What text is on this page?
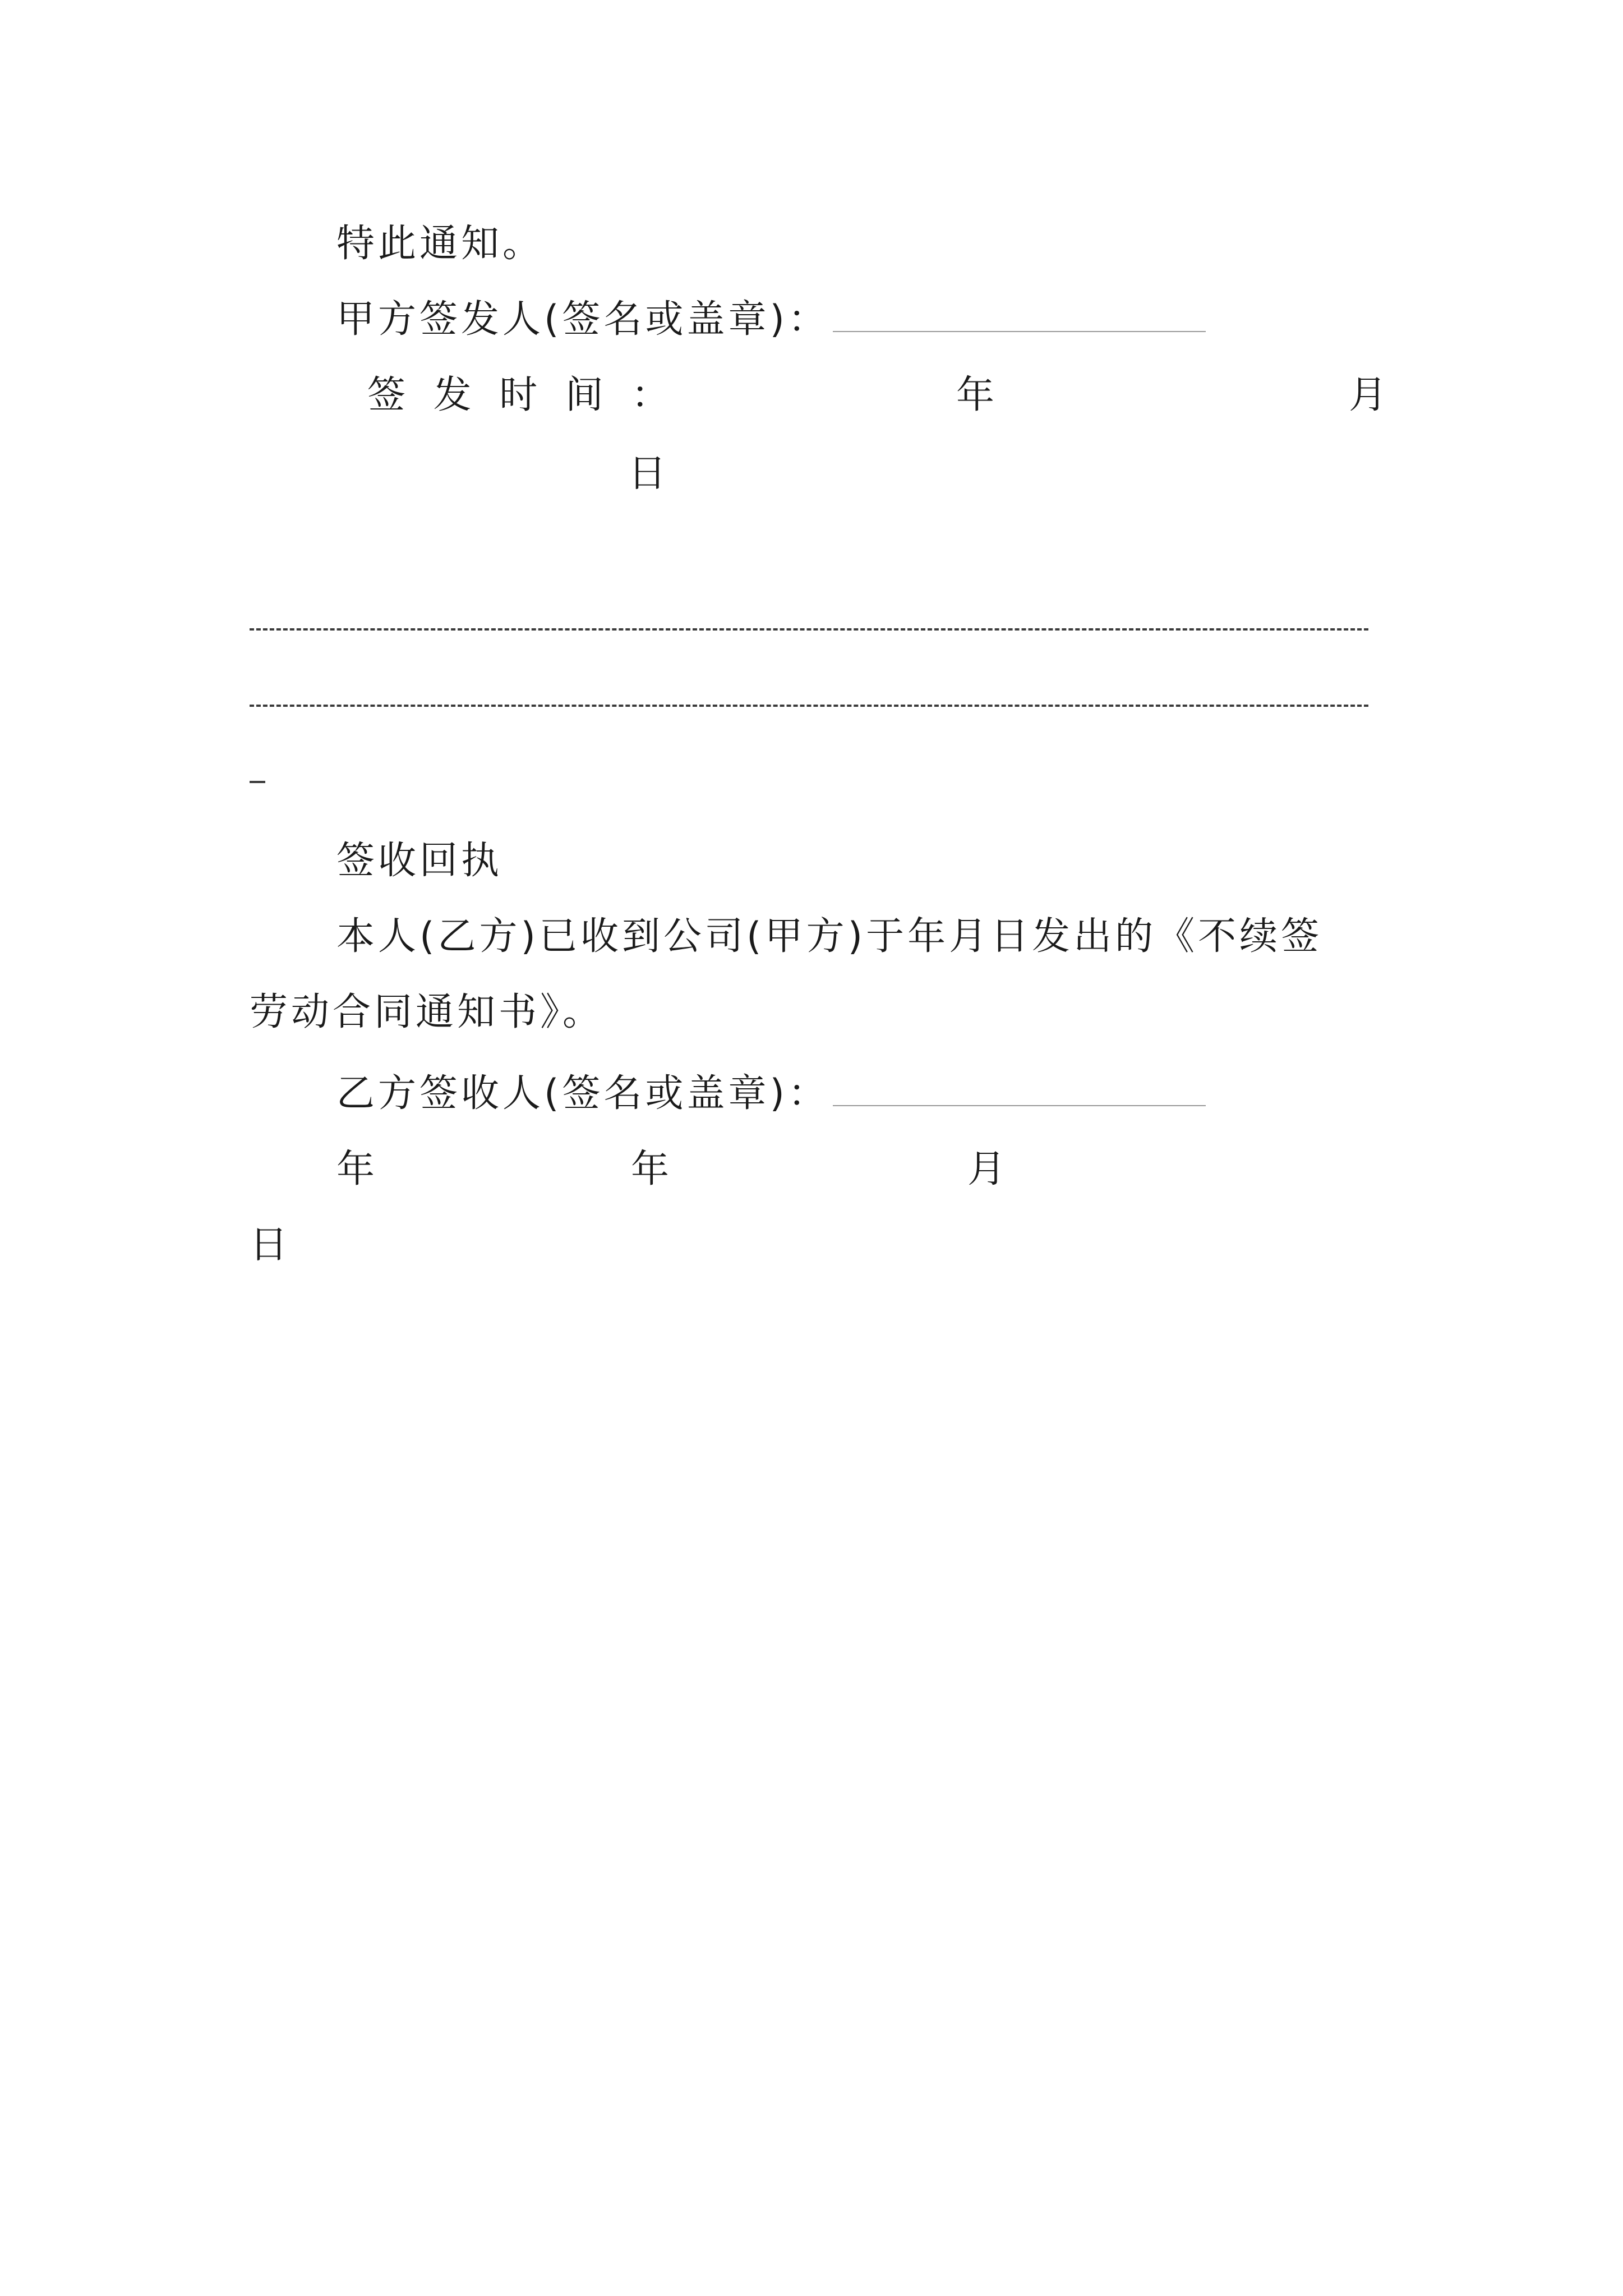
特此通知。
甲方签发人(签名或盖章)：
签 发 时 间 ：	年	月
日
签收回执
本人(乙方)已收到公司(甲方)于年月日发出的《不续签
劳动合同通知书》。
乙方签收人(签名或盖章)：
年	年	月
日
